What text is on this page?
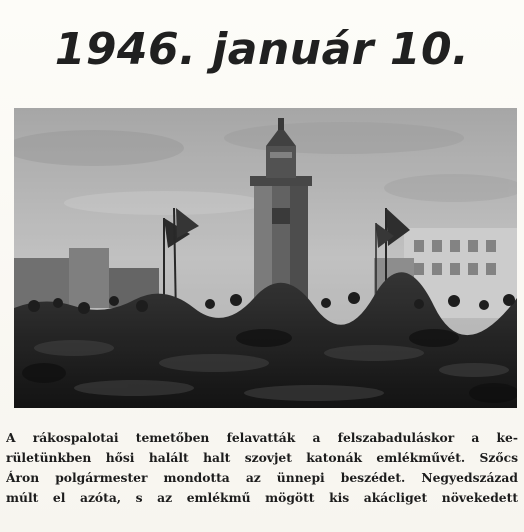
1946. január 10.
A rákospalotai temetőben felavatták a felszabaduláskor a ke-
rületünkben hősi halált halt szovjet katonák emlékművét. Szőcs
Áron polgármester mondotta az ünnepi beszédet. Negyedszázad
múlt el azóta, s az emlékmű mögött kis akácliget növekedett
